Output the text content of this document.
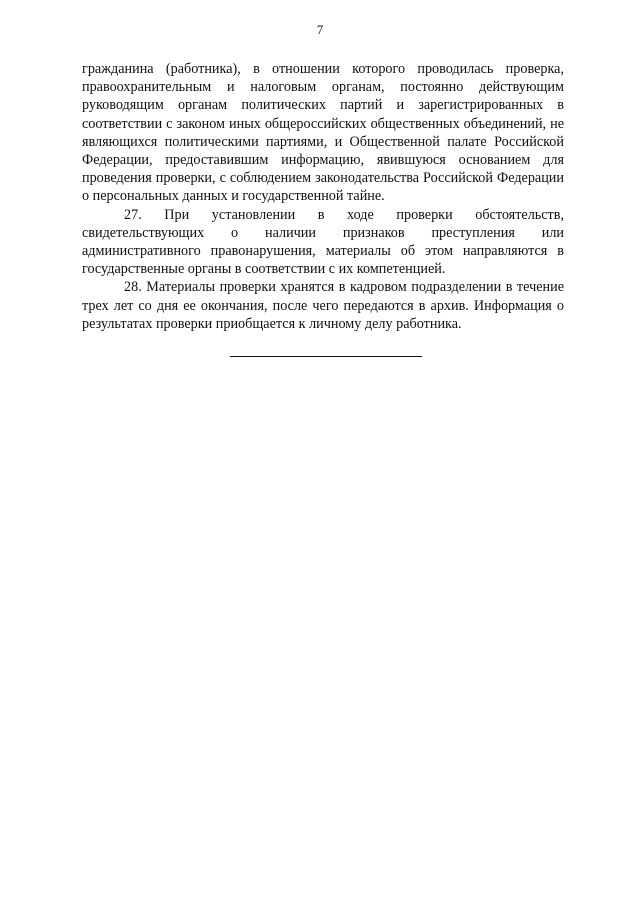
7

гражданина (работника), в отношении которого проводилась проверка, правоохранительным и налоговым органам, постоянно действующим руководящим органам политических партий и зарегистрированных в соответствии с законом иных общероссийских общественных объединений, не являющихся политическими партиями, и Общественной палате Российской Федерации, предоставившим информацию, явившуюся основанием для проведения проверки, с соблюдением законодательства Российской Федерации о персональных данных и государственной тайне.

27. При установлении в ходе проверки обстоятельств, свидетельствующих о наличии признаков преступления или административного правонарушения, материалы об этом направляются в государственные органы в соответствии с их компетенцией.

28. Материалы проверки хранятся в кадровом подразделении в течение трех лет со дня ее окончания, после чего передаются в архив. Информация о результатах проверки приобщается к личному делу работника.
